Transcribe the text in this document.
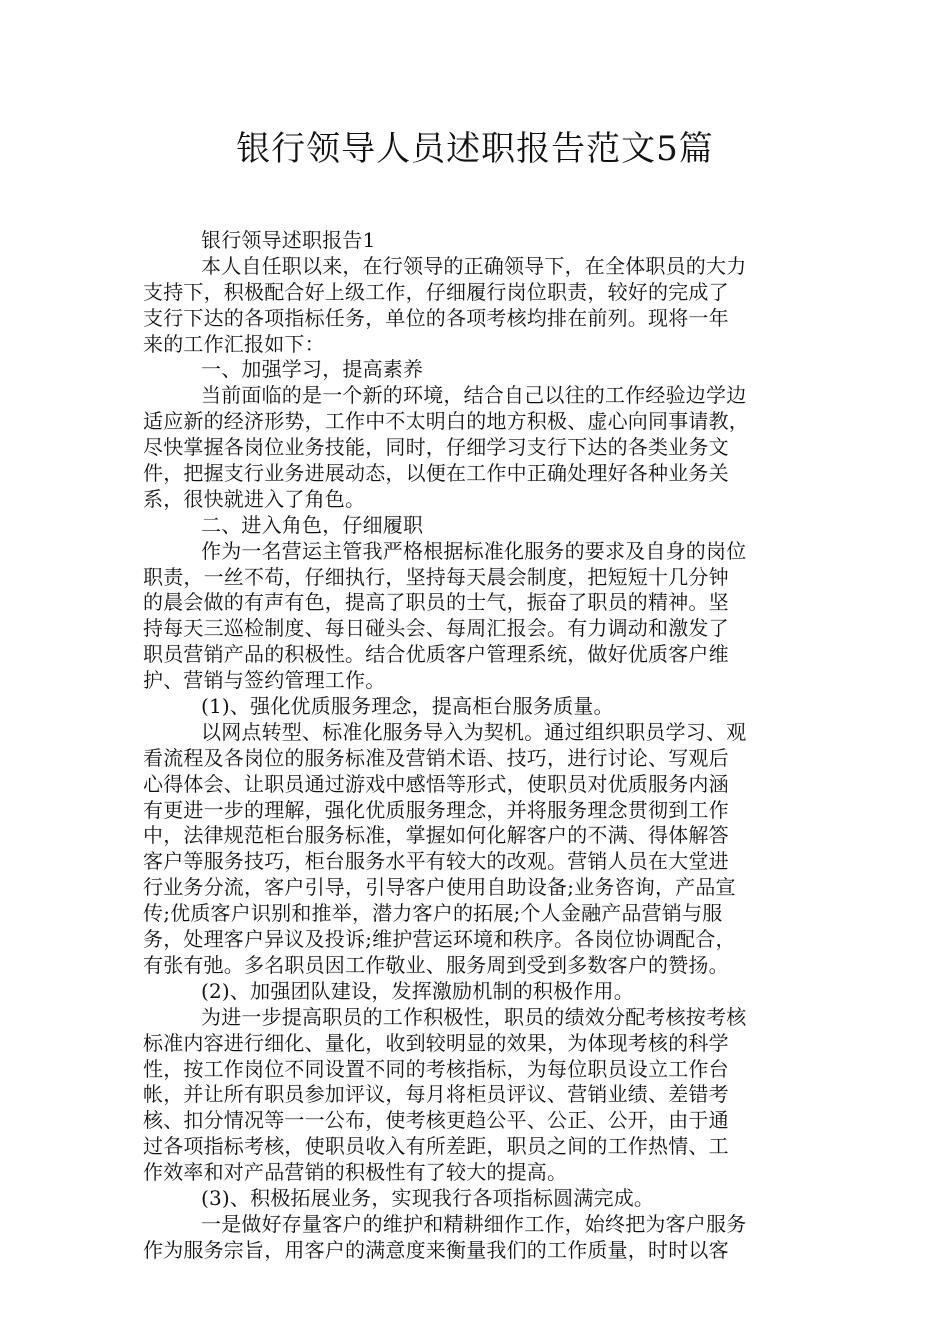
银行领导人员述职报告范文5篇
银行领导述职报告1
本人自任职以来，在行领导的正确领导下，在全体职员的大力
支持下，积极配合好上级工作，仔细履行岗位职责，较好的完成了
支行下达的各项指标任务，单位的各项考核均排在前列。现将一年
来的工作汇报如下：
一、加强学习，提高素养
当前面临的是一个新的环境，结合自己以往的工作经验边学边
适应新的经济形势，工作中不太明白的地方积极、虚心向同事请教，
尽快掌握各岗位业务技能，同时，仔细学习支行下达的各类业务文
件，把握支行业务进展动态，以便在工作中正确处理好各种业务关
系，很快就进入了角色。
二、进入角色，仔细履职
作为一名营运主管我严格根据标准化服务的要求及自身的岗位
职责，一丝不苟，仔细执行，坚持每天晨会制度，把短短十几分钟
的晨会做的有声有色，提高了职员的士气，振奋了职员的精神。坚
持每天三巡检制度、每日碰头会、每周汇报会。有力调动和激发了
职员营销产品的积极性。结合优质客户管理系统，做好优质客户维
护、营销与签约管理工作。
(1)、强化优质服务理念，提高柜台服务质量。
以网点转型、标准化服务导入为契机。通过组织职员学习、观
看流程及各岗位的服务标准及营销术语、技巧，进行讨论、写观后
心得体会、让职员通过游戏中感悟等形式，使职员对优质服务内涵
有更进一步的理解，强化优质服务理念，并将服务理念贯彻到工作
中，法律规范柜台服务标准，掌握如何化解客户的不满、得体解答
客户等服务技巧，柜台服务水平有较大的改观。营销人员在大堂进
行业务分流，客户引导，引导客户使用自助设备;业务咨询，产品宣
传;优质客户识别和推举，潜力客户的拓展;个人金融产品营销与服
务，处理客户异议及投诉;维护营运环境和秩序。各岗位协调配合，
有张有弛。多名职员因工作敬业、服务周到受到多数客户的赞扬。
(2)、加强团队建设，发挥激励机制的积极作用。
为进一步提高职员的工作积极性，职员的绩效分配考核按考核
标准内容进行细化、量化，收到较明显的效果，为体现考核的科学
性，按工作岗位不同设置不同的考核指标，为每位职员设立工作台
帐，并让所有职员参加评议，每月将柜员评议、营销业绩、差错考
核、扣分情况等一一公布，使考核更趋公平、公正、公开，由于通
过各项指标考核，使职员收入有所差距，职员之间的工作热情、工
作效率和对产品营销的积极性有了较大的提高。
(3)、积极拓展业务，实现我行各项指标圆满完成。
一是做好存量客户的维护和精耕细作工作，始终把为客户服务
作为服务宗旨，用客户的满意度来衡量我们的工作质量，时时以客
